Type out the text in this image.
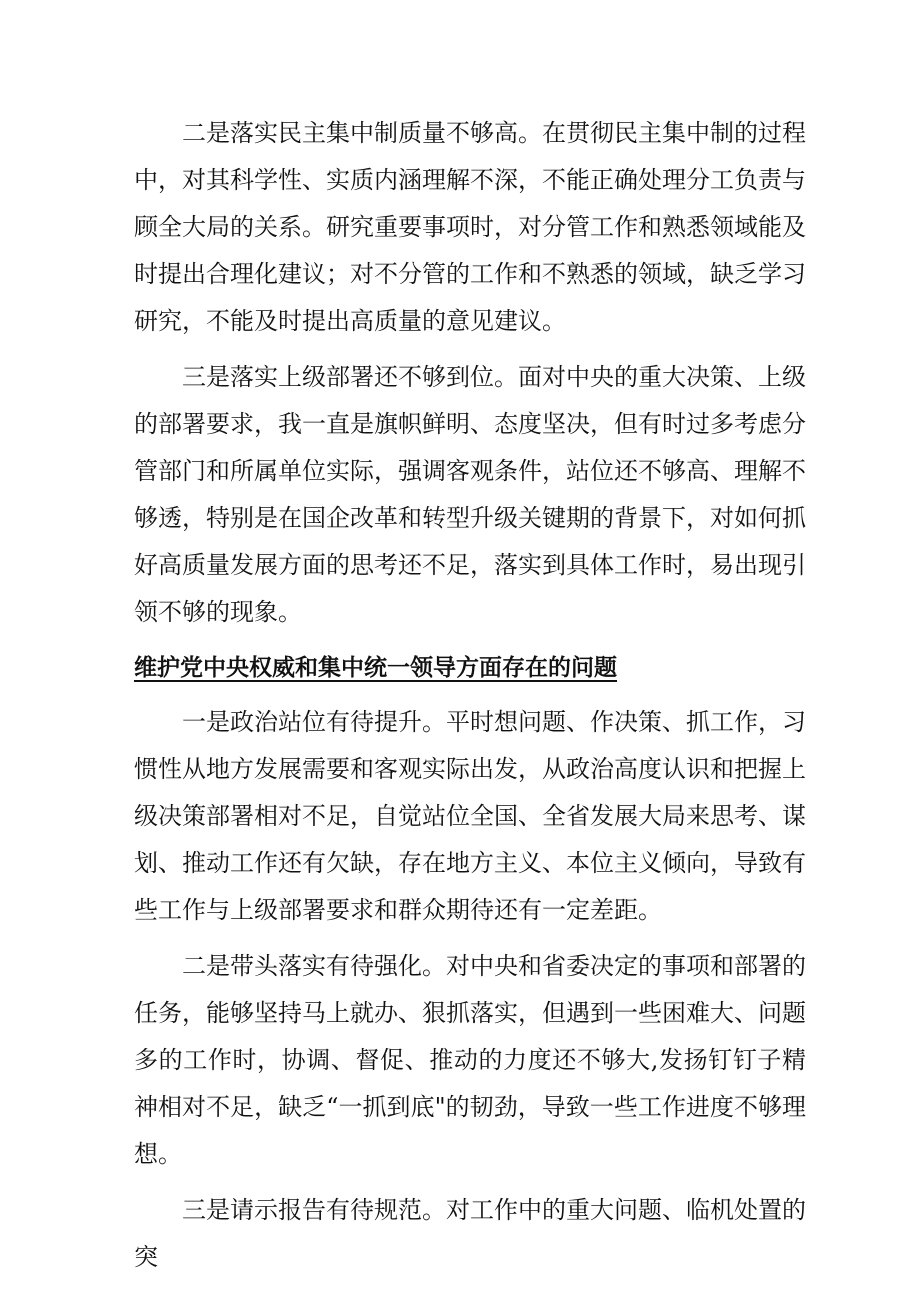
二是落实民主集中制质量不够高。在贯彻民主集中制的过程中，对其科学性、实质内涵理解不深，不能正确处理分工负责与顾全大局的关系。研究重要事项时，对分管工作和熟悉领域能及时提出合理化建议；对不分管的工作和不熟悉的领域，缺乏学习研究，不能及时提出高质量的意见建议。

三是落实上级部署还不够到位。面对中央的重大决策、上级的部署要求，我一直是旗帜鲜明、态度坚决，但有时过多考虑分管部门和所属单位实际，强调客观条件，站位还不够高、理解不够透，特别是在国企改革和转型升级关键期的背景下，对如何抓好高质量发展方面的思考还不足，落实到具体工作时，易出现引领不够的现象。

维护党中央权威和集中统一领导方面存在的问题

一是政治站位有待提升。平时想问题、作决策、抓工作，习惯性从地方发展需要和客观实际出发，从政治高度认识和把握上级决策部署相对不足，自觉站位全国、全省发展大局来思考、谋划、推动工作还有欠缺，存在地方主义、本位主义倾向，导致有些工作与上级部署要求和群众期待还有一定差距。

二是带头落实有待强化。对中央和省委决定的事项和部署的任务，能够坚持马上就办、狠抓落实，但遇到一些困难大、问题多的工作时，协调、督促、推动的力度还不够大,发扬钉钉子精神相对不足，缺乏“一抓到底"的韧劲，导致一些工作进度不够理想。

三是请示报告有待规范。对工作中的重大问题、临机处置的突
